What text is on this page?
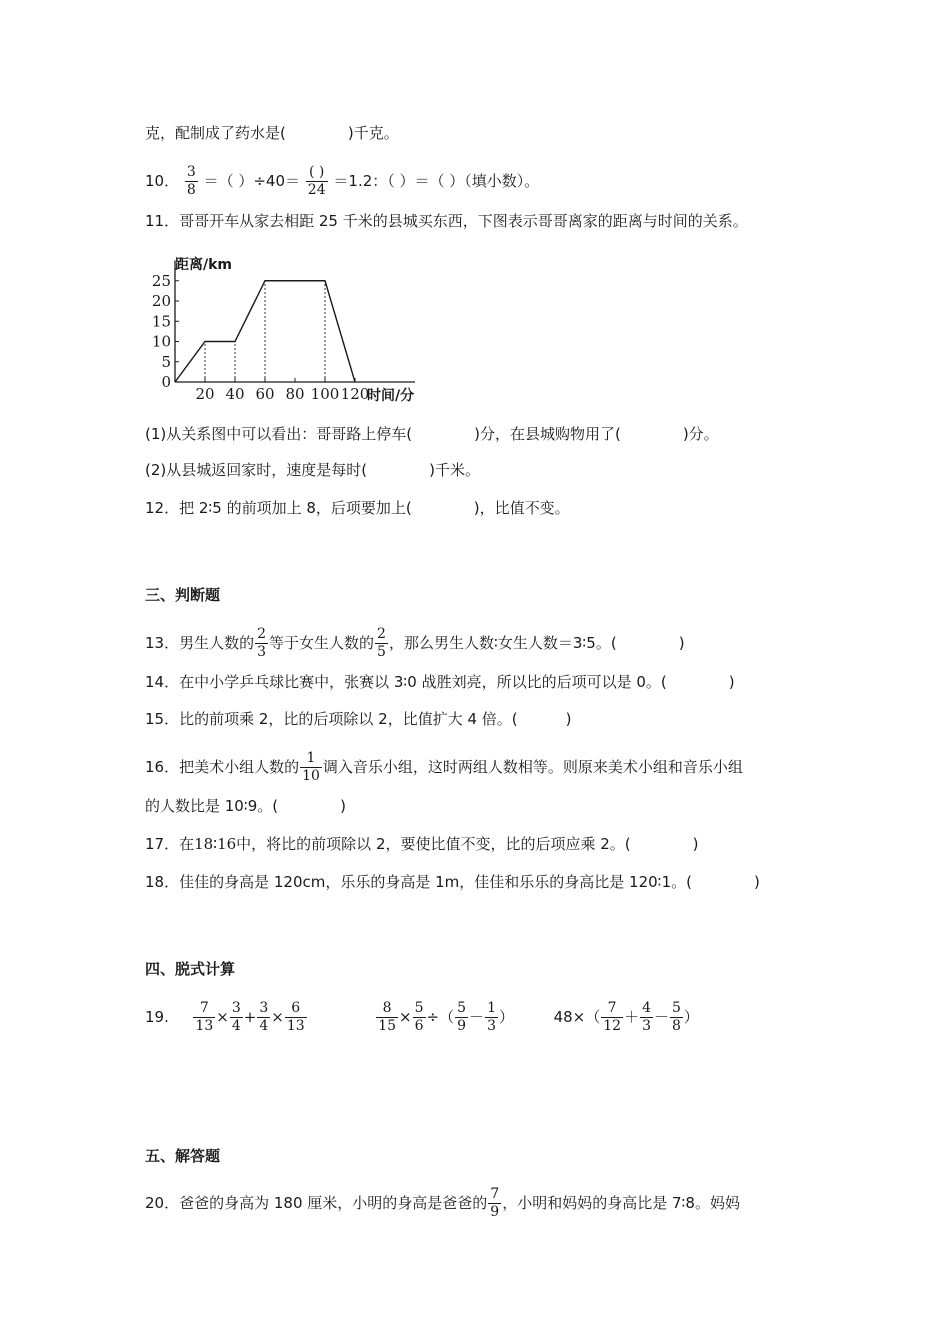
克，配制成了药水是(	)千克。
10． $\frac{3}{8}$ ＝（ ）$\div 40= \frac{( )}{24} =1.2$：（ ）＝（ ）（填小数）。
11．哥哥开车从家去相距 25 千米的县城买东西，下图表示哥哥离家的距离与时间的关系。
0
5
10
15
20
25
20 40 60 80 100 120
距离/km
时间/分
(1)从关系图中可以看出：哥哥路上停车(	)分，在县城购物用了(	)分。
(2)从县城返回家时，速度是每时(	)千米。
12．把 2∶5 的前项加上 8，后项要加上(	)，比值不变。
三、判断题
13．男生人数的 $\frac{2}{3}$ 等于女生人数的 $\frac{2}{5}$ ，那么男生人数∶女生人数＝3∶5。(	)
14．在中小学乒乓球比赛中，张赛以 3∶0 战胜刘亮，所以比的后项可以是 0。(	)
15．比的前项乘 2，比的后项除以 2，比值扩大 4 倍。(	)
16．把美术小组人数的 $\frac{1}{10}$ 调入音乐小组，这时两组人数相等。则原来美术小组和音乐小组
的人数比是 10∶9。(	)
17．在18∶16中，将比的前项除以 2，要使比值不变，比的后项应乘 2。(	)
18．佳佳的身高是 120cm，乐乐的身高是 1m，佳佳和乐乐的身高比是 120∶1。(	)
四、脱式计算
19. $\frac{7}{13} \times \frac{3}{4} + \frac{3}{4} \times \frac{6}{13}$
	$\frac{8}{15} \times \frac{5}{6}$ ÷（ $\frac{5}{9} - \frac{1}{3}$ ）	$48\times( \frac{7}{12} + \frac{4}{3} - \frac{5}{8}$ ）
五、解答题
20．爸爸的身高为 180 厘米，小明的身高是爸爸的 $\frac{7}{9}$ ，小明和妈妈的身高比是 7∶8。妈妈
